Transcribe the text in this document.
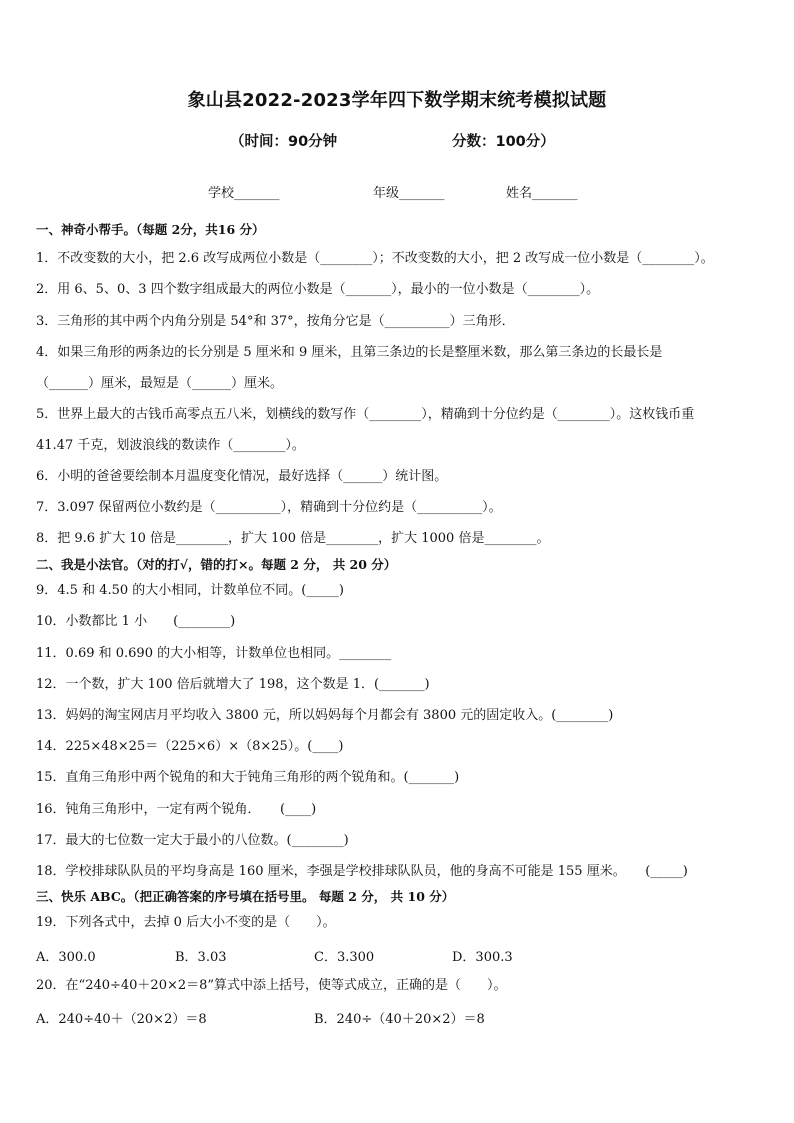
象山县2022-2023学年四下数学期末统考模拟试题
（时间：90分钟	分数：100分）
学校_______	年级_______	姓名_______
一、神奇小帮手。（每题 2分，共16 分）
1．不改变数的大小，把 2.6 改写成两位小数是（________）；不改变数的大小，把 2 改写成一位小数是（________）。
2．用 6、5、0、3 四个数字组成最大的两位小数是（_______），最小的一位小数是（________）。
3．三角形的其中两个内角分别是 54°和 37°，按角分它是（__________）三角形．
4．如果三角形的两条边的长分别是 5 厘米和 9 厘米，且第三条边的长是整厘米数，那么第三条边的长最长是
（______）厘米，最短是（______）厘米。
5．世界上最大的古钱币高零点五八米，划横线的数写作（________），精确到十分位约是（________）。这枚钱币重
41.47 千克，划波浪线的数读作（________）。
6．小明的爸爸要绘制本月温度变化情况，最好选择（______）统计图。
7．3.097 保留两位小数约是（__________），精确到十分位约是（__________）。
8．把 9.6 扩大 10 倍是________，扩大 100 倍是________，扩大 1000 倍是________。
二、我是小法官。（对的打√，错的打×。每题 2 分， 共 20 分）
9．4.5 和 4.50 的大小相同，计数单位不同。(_____)
10．小数都比 1 小　　(________)
11．0.69 和 0.690 的大小相等，计数单位也相同。________
12．一个数，扩大 100 倍后就增大了 198，这个数是 1．(_______)
13．妈妈的淘宝网店月平均收入 3800 元，所以妈妈每个月都会有 3800 元的固定收入。(________)
14．225×48×25＝（225×6）×（8×25）。(____)
15．直角三角形中两个锐角的和大于钝角三角形的两个锐角和。(_______)
16．钝角三角形中，一定有两个锐角．　　(____)
17．最大的七位数一定大于最小的八位数。(________)
18．学校排球队队员的平均身高是 160 厘米，李强是学校排球队队员，他的身高不可能是 155 厘米。　　(_____)
三、快乐 ABC。（把正确答案的序号填在括号里。 每题 2 分， 共 10 分）
19．下列各式中，去掉 0 后大小不变的是（　　）。
A．300.0	B．3.03	C．3.300	D．300.3
20．在“240÷40＋20×2＝8”算式中添上括号，使等式成立，正确的是（　　）。
A．240÷40＋（20×2）＝8	B．240÷（40＋20×2）＝8
